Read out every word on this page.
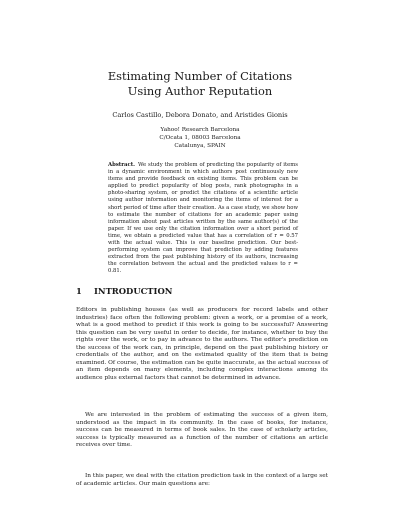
Estimating Number of Citations
Using Author Reputation
Carlos Castillo, Debora Donato, and Aristides Gionis
Yahoo! Research Barcelona
C/Ocata 1, 08003 Barcelona
Catalunya, SPAIN
Abstract. We study the problem of predicting the popularity of items in a dynamic environment in which authors post continuously new items and provide feedback on existing items. This problem can be applied to predict popularity of blog posts, rank photographs in a photo-sharing system, or predict the citations of a scientific article using author information and monitoring the items of interest for a short period of time after their creation. As a case study, we show how to estimate the number of citations for an academic paper using information about past articles written by the same author(s) of the paper. If we use only the citation information over a short period of time, we obtain a predicted value that has a correlation of r = 0.57 with the actual value. This is our baseline prediction. Our best-performing system can improve that prediction by adding features extracted from the past publishing history of its authors, increasing the correlation between the actual and the predicted values to r = 0.81.
1 INTRODUCTION

Editors in publishing houses (as well as producers for record labels and other industries) face often the following problem: given a work, or a promise of a work, what is a good method to predict if this work is going to be successful? Answering this question can be very useful in order to decide, for instance, whether to buy the rights over the work, or to pay in advance to the authors. The editor's prediction on the success of the work can, in principle, depend on the past publishing history or credentials of the author, and on the estimated quality of the item that is being examined. Of course, the estimation can be quite inaccurate, as the actual success of an item depends on many elements, including complex interactions among its audience plus external factors that cannot be determined in advance.

We are interested in the problem of estimating the success of a given item, understood as the impact in its community. In the case of books, for instance, success can be measured in terms of book sales. In the case of scholarly articles, success is typically measured as a function of the number of citations an article receives over time.

In this paper, we deal with the citation prediction task in the context of a large set of academic articles. Our main questions are:
